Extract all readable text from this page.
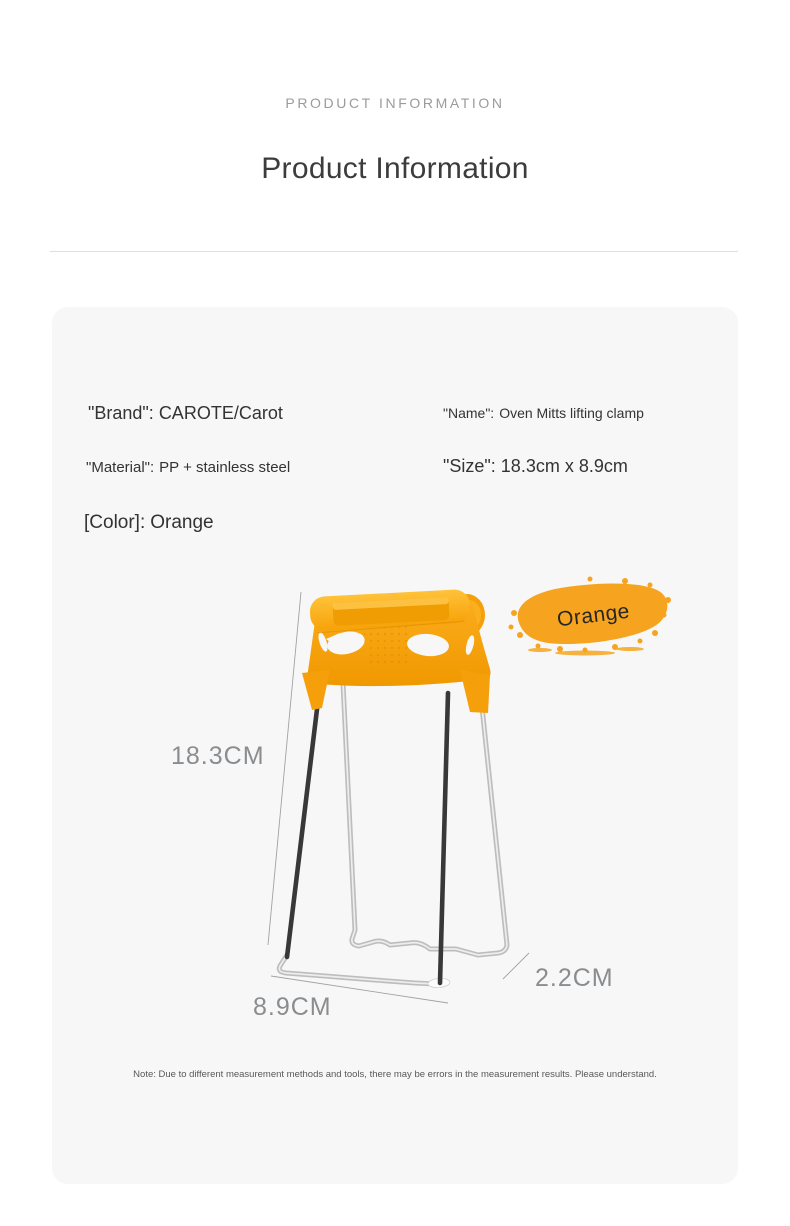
PRODUCT INFORMATION
Product Information
"Brand": CAROTE/Carot	"Name": Oven Mitts lifting clamp
"Material": PP + stainless steel	"Size": 18.3cm x 8.9cm
[Color]: Orange
18.3CM
8.9CM
2.2CM
Orange
Note: Due to different measurement methods and tools, there may be errors in the measurement results. Please understand.
